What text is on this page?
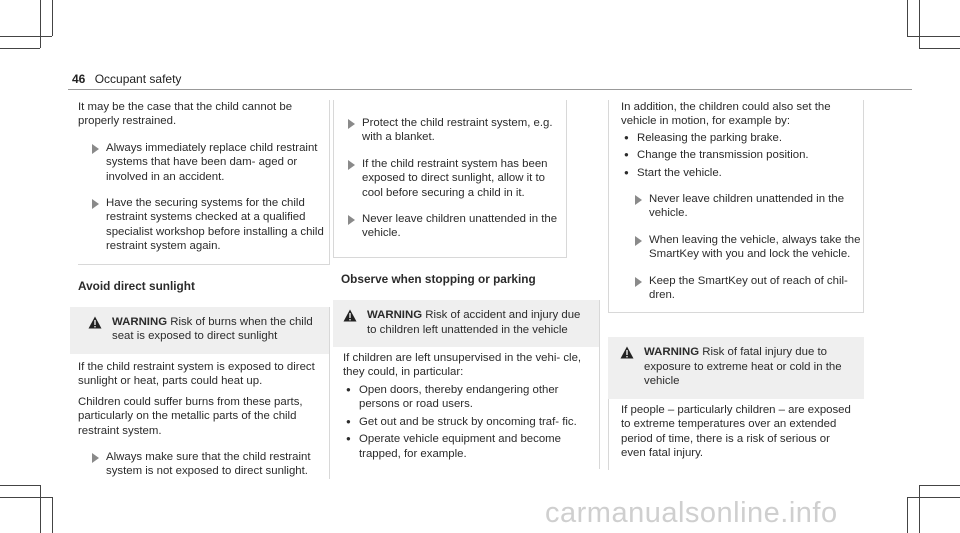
46 Occupant safety

It may be the case that the child cannot be properly restrained.

Always immediately replace child restraint systems that have been dam- aged or involved in an accident.
Have the securing systems for the child restraint systems checked at a qualified specialist workshop before installing a child restraint system again.
Avoid direct sunlight
WARNING Risk of burns when the child seat is exposed to direct sunlight

If the child restraint system is exposed to direct sunlight or heat, parts could heat up.

Children could suffer burns from these parts, particularly on the metallic parts of the child restraint system.

Always make sure that the child restraint system is not exposed to direct sunlight.
Protect the child restraint system, e.g. with a blanket.
If the child restraint system has been exposed to direct sunlight, allow it to cool before securing a child in it.
Never leave children unattended in the vehicle.
Observe when stopping or parking
WARNING Risk of accident and injury due to children left unattended in the vehicle

If children are left unsupervised in the vehi- cle, they could, in particular:

● Open doors, thereby endangering other persons or road users.
● Get out and be struck by oncoming traf- fic.
● Operate vehicle equipment and become trapped, for example.

In addition, the children could also set the vehicle in motion, for example by:

● Releasing the parking brake.
● Change the transmission position.
● Start the vehicle.
Never leave children unattended in the vehicle.
When leaving the vehicle, always take the SmartKey with you and lock the vehicle.
Keep the SmartKey out of reach of chil- dren.
WARNING Risk of fatal injury due to exposure to extreme heat or cold in the vehicle

If people – particularly children – are exposed to extreme temperatures over an extended period of time, there is a risk of serious or even fatal injury.

carmanualsonline.info
